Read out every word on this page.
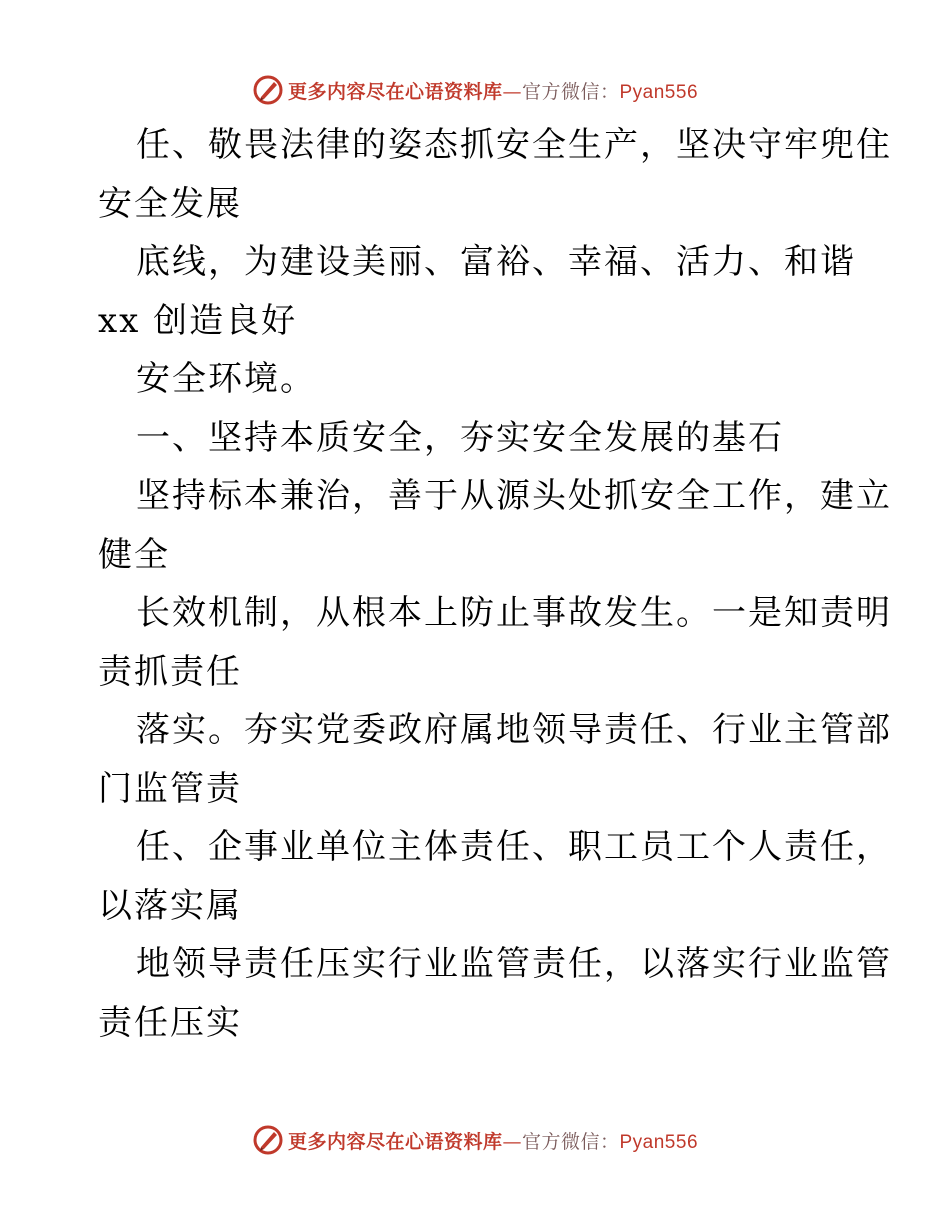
更多内容尽在心语资料库—官方微信：Pyan556
任、敬畏法律的姿态抓安全生产，坚决守牢兜住
安全发展
底线，为建设美丽、富裕、幸福、活力、和谐
xx 创造良好
安全环境。
一、坚持本质安全，夯实安全发展的基石
坚持标本兼治，善于从源头处抓安全工作，建立
健全
长效机制，从根本上防止事故发生。一是知责明
责抓责任
落实。夯实党委政府属地领导责任、行业主管部
门监管责
任、企事业单位主体责任、职工员工个人责任，
以落实属
地领导责任压实行业监管责任，以落实行业监管
责任压实
更多内容尽在心语资料库—官方微信：Pyan556
